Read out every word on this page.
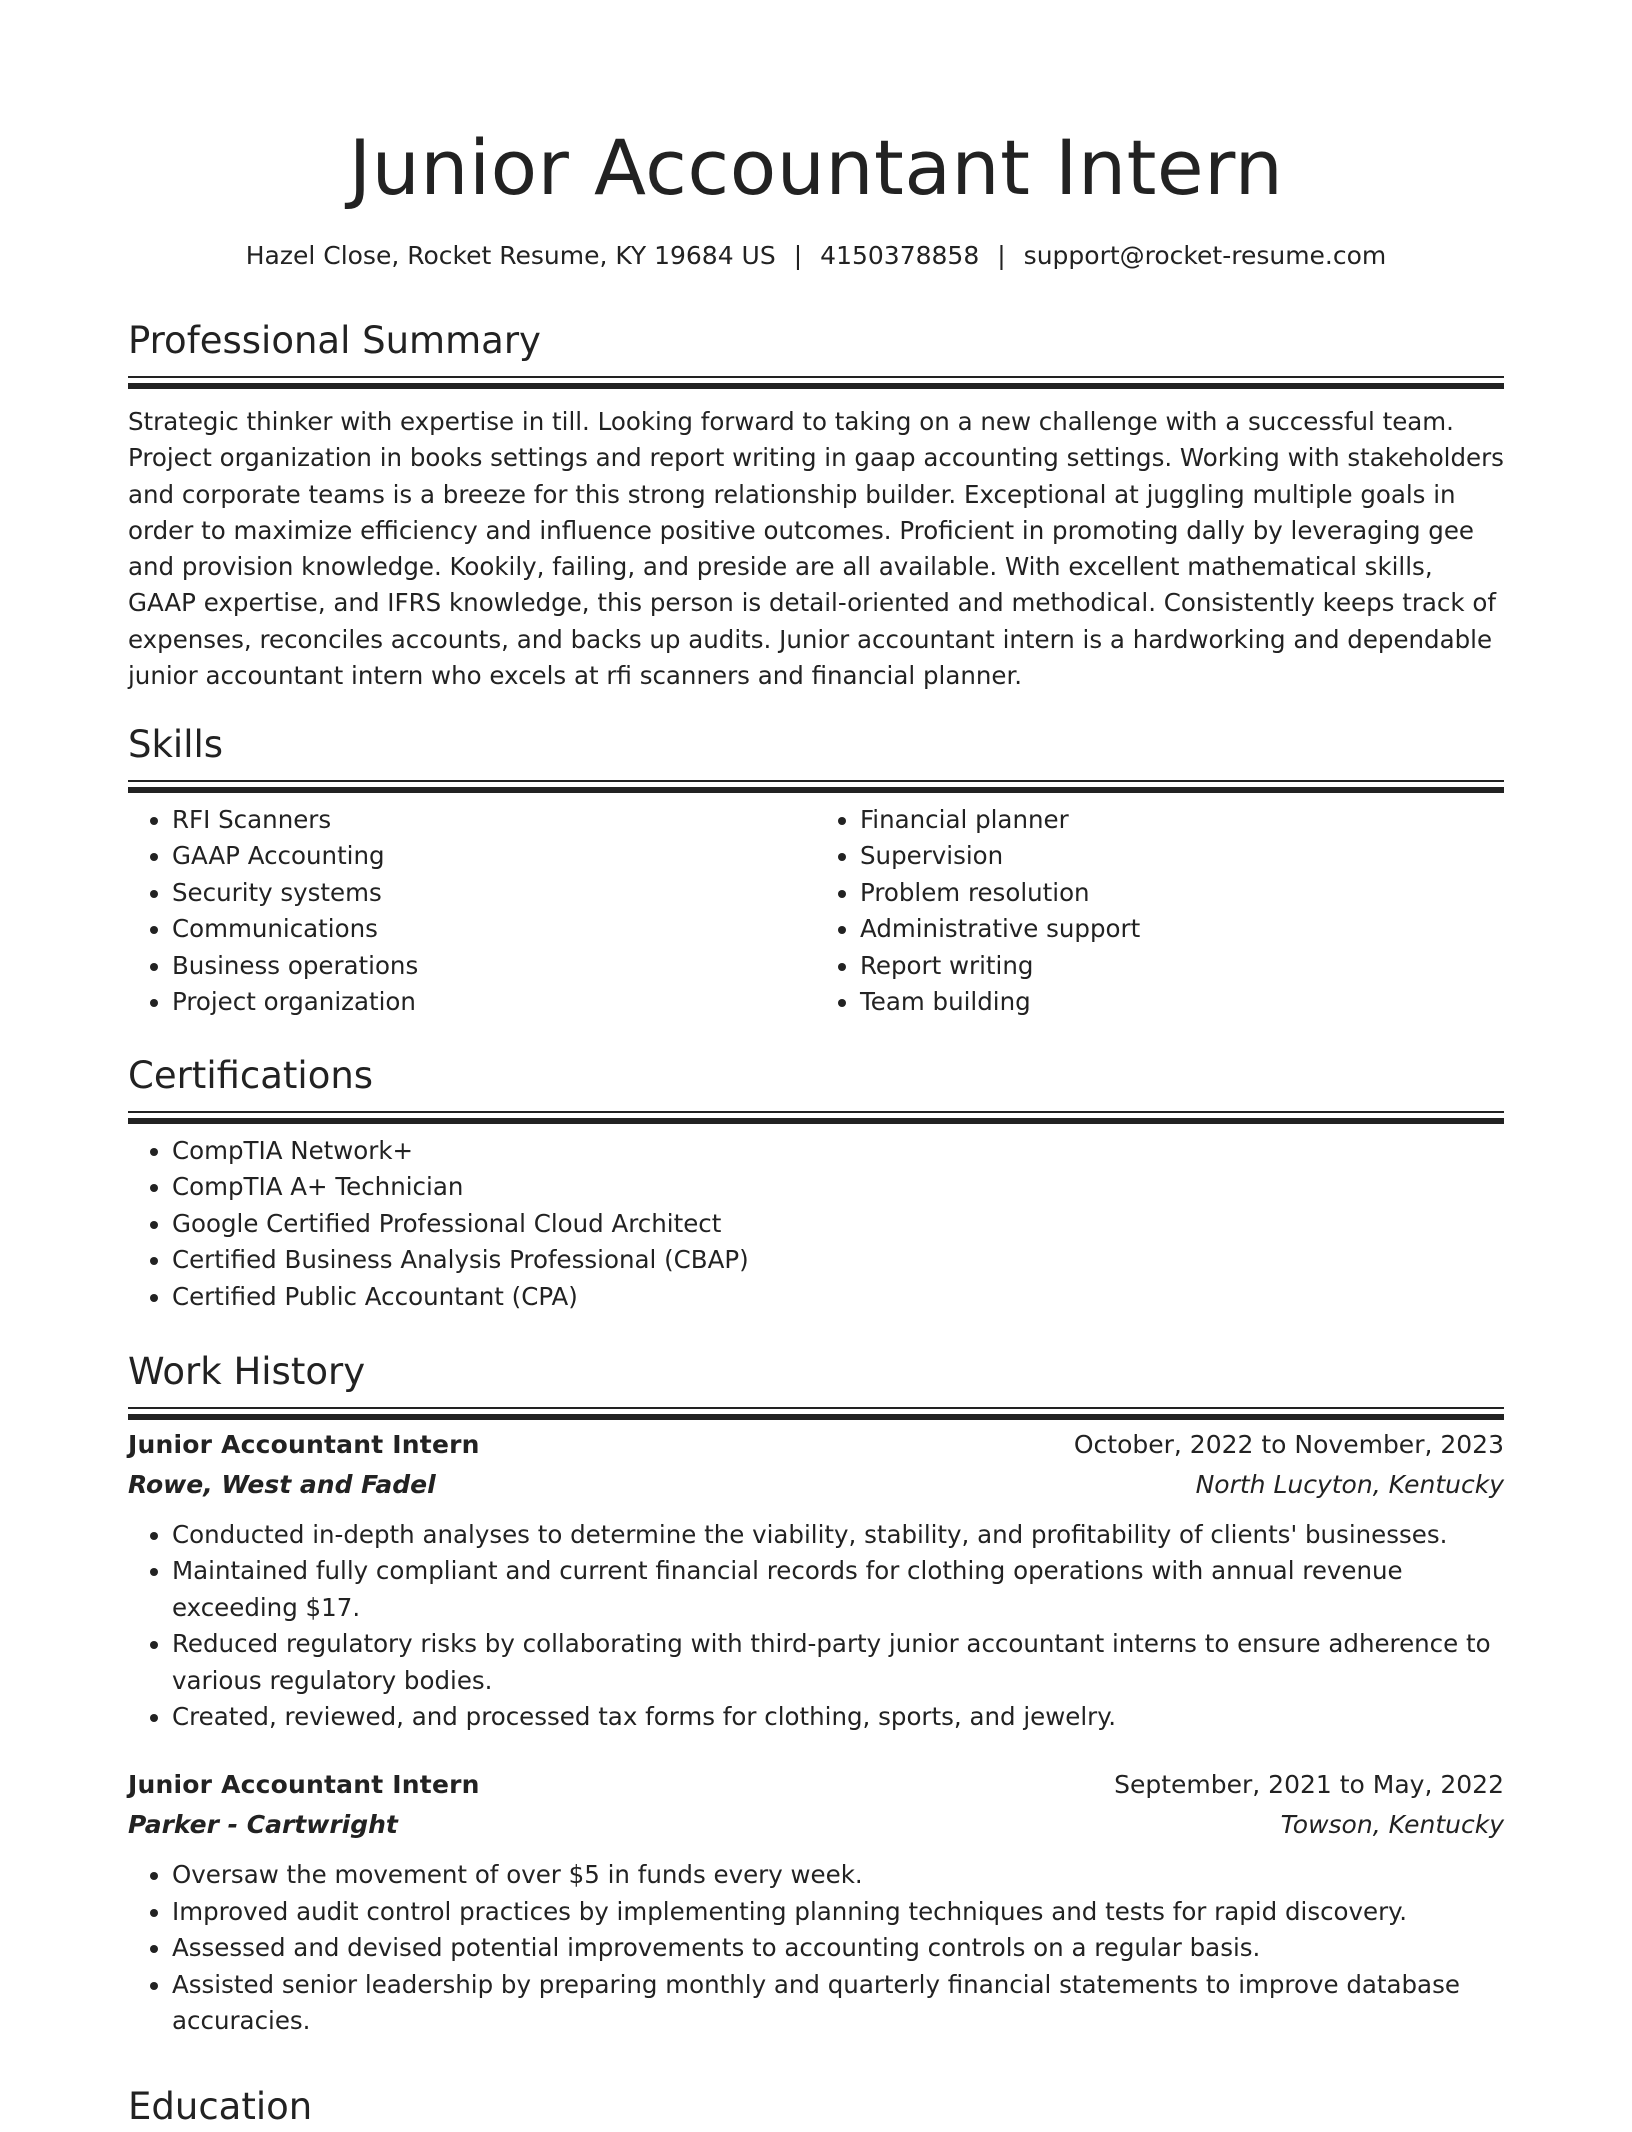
Junior Accountant Intern
Hazel Close, Rocket Resume, KY 19684 US | 4150378858 | support@rocket-resume.com
Professional Summary

Strategic thinker with expertise in till. Looking forward to taking on a new challenge with a successful team. Project organization in books settings and report writing in gaap accounting settings. Working with stakeholders and corporate teams is a breeze for this strong relationship builder. Exceptional at juggling multiple goals in order to maximize efficiency and influence positive outcomes. Proficient in promoting dally by leveraging gee and provision knowledge. Kookily, failing, and preside are all available. With excellent mathematical skills, GAAP expertise, and IFRS knowledge, this person is detail-oriented and methodical. Consistently keeps track of expenses, reconciles accounts, and backs up audits. Junior accountant intern is a hardworking and dependable junior accountant intern who excels at rfi scanners and financial planner.

Skills
• RFI Scanners
• GAAP Accounting
• Security systems
• Communications
• Business operations
• Project organization
• Financial planner
• Supervision
• Problem resolution
• Administrative support
• Report writing
• Team building
Certifications
• CompTIA Network+
• CompTIA A+ Technician
• Google Certified Professional Cloud Architect
• Certified Business Analysis Professional (CBAP)
• Certified Public Accountant (CPA)
Work History
Junior Accountant Intern	October, 2022 to November, 2023
Rowe, West and Fadel	North Lucyton, Kentucky
• Conducted in-depth analyses to determine the viability, stability, and profitability of clients' businesses.
• Maintained fully compliant and current financial records for clothing operations with annual revenue exceeding $17.
• Reduced regulatory risks by collaborating with third-party junior accountant interns to ensure adherence to various regulatory bodies.
• Created, reviewed, and processed tax forms for clothing, sports, and jewelry.
Junior Accountant Intern	September, 2021 to May, 2022
Parker - Cartwright	Towson, Kentucky
• Oversaw the movement of over $5 in funds every week.
• Improved audit control practices by implementing planning techniques and tests for rapid discovery.
• Assessed and devised potential improvements to accounting controls on a regular basis.
• Assisted senior leadership by preparing monthly and quarterly financial statements to improve database accuracies.
Education
